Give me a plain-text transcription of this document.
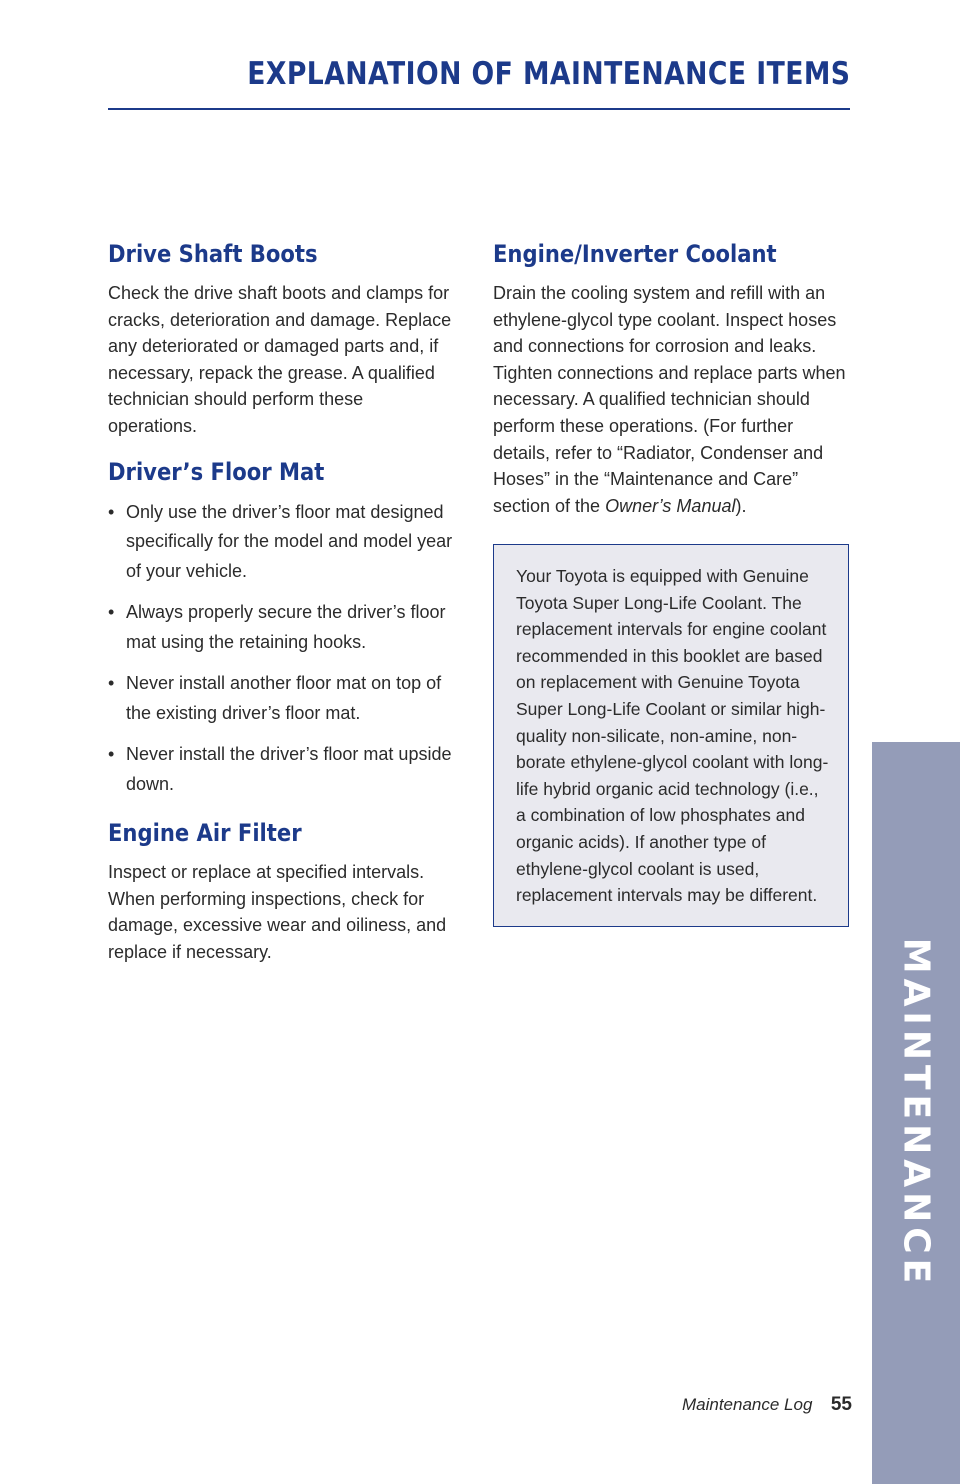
EXPLANATION OF MAINTENANCE ITEMS
Drive Shaft Boots

Check the drive shaft boots and clamps for cracks, deterioration and damage. Replace any deteriorated or damaged parts and, if necessary, repack the grease. A qualified technician should perform these operations.

Driver’s Floor Mat
• Only use the driver’s floor mat designed specifically for the model and model year of your vehicle.
• Always properly secure the driver’s floor mat using the retaining hooks.
• Never install another floor mat on top of the existing driver’s floor mat.
• Never install the driver’s floor mat upside down.
Engine Air Filter

Inspect or replace at specified intervals. When performing inspections, check for damage, excessive wear and oiliness, and replace if necessary.

Engine/Inverter Coolant

Drain the cooling system and refill with an ethylene-glycol type coolant. Inspect hoses and connections for corrosion and leaks. Tighten connections and replace parts when necessary. A qualified technician should perform these operations. (For further details, refer to “Radiator, Condenser and Hoses” in the “Maintenance and Care” section of the Owner’s Manual).

Your Toyota is equipped with Genuine Toyota Super Long-Life Coolant. The replacement intervals for engine coolant recommended in this booklet are based on replacement with Genuine Toyota Super Long-Life Coolant or similar high-quality non-silicate, non-amine, non-borate ethylene-glycol coolant with long-life hybrid organic acid technology (i.e., a combination of low phosphates and organic acids). If another type of ethylene-glycol coolant is used, replacement intervals may be different.

MAINTENANCE
Maintenance Log 55
